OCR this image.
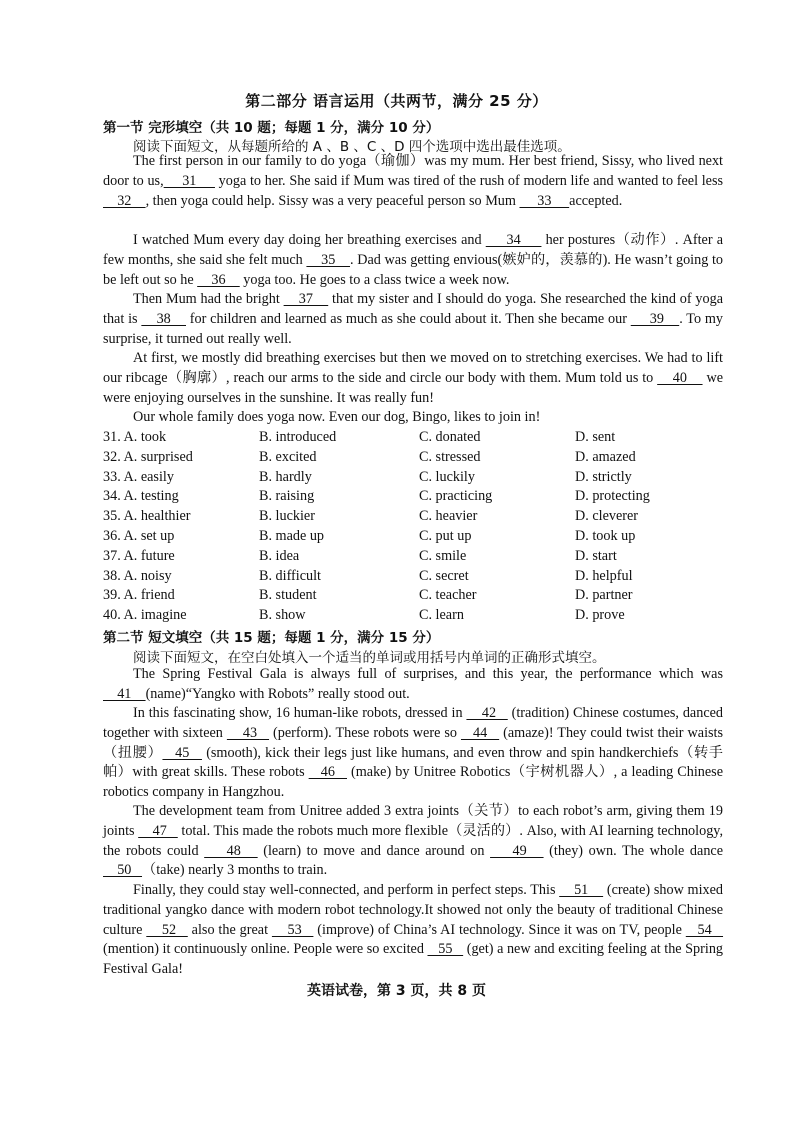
第二部分 语言运用（共两节，满分 25 分）
第一节 完形填空（共 10 题；每题 1 分，满分 10 分）
阅读下面短文，从每题所给的 A 、B 、C 、D 四个选项中选出最佳选项。

The first person in our family to do yoga（瑜伽）was my mum. Her best friend, Sissy, who lived next door to us,     31      yoga to her. She said if Mum was tired of the rush of modern life and wanted to feel less     32    , then yoga could help. Sissy was a very peaceful person so Mum      33     accepted.

I watched Mum every day doing her breathing exercises and      34      her postures（动作）. After a few months, she said she felt much     35    . Dad was getting envious(嫉妒的，羡慕的). He wasn’t going to be left out so he     36     yoga too. He goes to a class twice a week now.

Then Mum had the bright     37     that my sister and I should do yoga. She researched the kind of yoga that is     38     for children and learned as much as she could about it. Then she became our      39    . To my surprise, it turned out really well.

At first, we mostly did breathing exercises but then we moved on to stretching exercises. We had to lift our ribcage（胸廓）, reach our arms to the side and circle our body with them. Mum told us to     40     we were enjoying ourselves in the sunshine. It was really fun!

Our whole family does yoga now. Even our dog, Bingo, likes to join in!

31. A. took	B. introduced	C. donated	D. sent
32. A. surprised	B. excited	C. stressed	D. amazed
33. A. easily	B. hardly	C. luckily	D. strictly
34. A. testing	B. raising	C. practicing	D. protecting
35. A. healthier	B. luckier	C. heavier	D. cleverer
36. A. set up	B. made up	C. put up	D. took up
37. A. future	B. idea	C. smile	D. start
38. A. noisy	B. difficult	C. secret	D. helpful
39. A. friend	B. student	C. teacher	D. partner
40. A. imagine	B. show	C. learn	D. prove
第二节 短文填空（共 15 题；每题 1 分，满分 15 分）
阅读下面短文，在空白处填入一个适当的单词或用括号内单词的正确形式填空。

The Spring Festival Gala is always full of surprises, and this year, the performance which was     41    (name)“Yangko with Robots” really stood out.

In this fascinating show, 16 human-like robots, dressed in     42    (tradition) Chinese costumes, danced together with sixteen     43    (perform). These robots were so    44    (amaze)! They could twist their waists（扭腰）   45    (smooth), kick their legs just like humans, and even throw and spin handkerchiefs（转手帕）with great skills. These robots    46    (make) by Unitree Robotics（宇树机器人）, a leading Chinese robotics company in Hangzhou.

The development team from Unitree added 3 extra joints（关节）to each robot’s arm, giving them 19 joints     47    total. This made the robots much more flexible（灵活的）. Also, with AI learning technology, the robots could     48    (learn) to move and dance around on     49    (they) own. The whole dance     50   （take) nearly 3 months to train.

Finally, they could stay well-connected, and perform in perfect steps. This     51     (create) show mixed traditional yangko dance with modern robot technology.It showed not only the beauty of traditional Chinese culture     52    also the great     53    (improve) of China’s AI technology. Since it was on TV, people    54    (mention) it continuously online. People were so excited    55    (get) a new and exciting feeling at the Spring Festival Gala!

英语试卷，第 3 页，共 8 页
